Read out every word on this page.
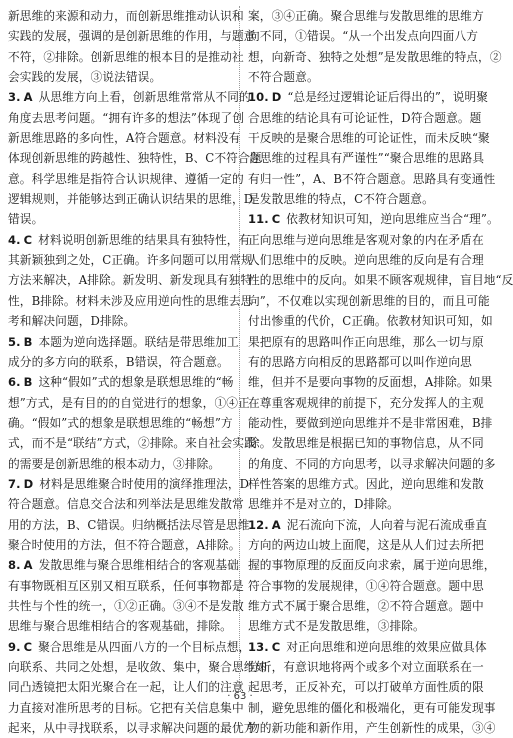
新思维的来源和动力，而创新思维推动认识和
实践的发展，强调的是创新思维的作用，与题意
不符，②排除。创新思维的根本目的是推动社
会实践的发展，③说法错误。
3. A 从思维方向上看，创新思维常常从不同的
角度去思考问题。“拥有许多的想法”体现了创
新思维思路的多向性，A符合题意。材料没有
体现创新思维的跨越性、独特性，B、C不符合题
意。科学思维是指符合认识规律、遵循一定的
逻辑规则，并能够达到正确认识结果的思维，D
错误。
4. C 材料说明创新思维的结果具有独特性，有
其新颖独到之处，C正确。许多问题可以用常规
方法来解决，A排除。新发明、新发现具有独特
性，B排除。材料未涉及应用逆向性的思维去思
考和解决问题，D排除。
5. B 本题为逆向选择题。联结是带思维加工
成分的多方向的联系，B错误，符合题意。
6. B 这种“假如”式的想象是联想思维的“畅
想”方式，是有目的的自觉进行的想象，①④正
确。“假如”式的想象是联想思维的“畅想”方
式，而不是“联结”方式，②排除。来自社会实践
的需要是创新思维的根本动力，③排除。
7. D 材料是思维聚合时使用的演绎推理法，D
符合题意。信息交合法和列举法是思维发散常
用的方法，B、C错误。归纳概括法尽管是思维
聚合时使用的方法，但不符合题意，A排除。
8. A 发散思维与聚合思维相结合的客观基础
有事物既相互区别又相互联系，任何事物都是
共性与个性的统一，①②正确。③④不是发散
思维与聚合思维相结合的客观基础，排除。
9. C 聚合思维是从四面八方的一个目标点想，
向联系、共同之处想，是收敛、集中，聚合思维如
同凸透镜把太阳光聚合在一起，让人们的注意
力直接对准所思考的目标。它把有关信息集中
起来，从中寻找联系，以寻求解决问题的最优方
案，③④正确。聚合思维与发散思维的思维方
向不同，①错误。“从一个出发点向四面八方
想，向新奇、独特之处想”是发散思维的特点，②
不符合题意。
10. D “总是经过逻辑论证后得出的”，说明聚
合思维的结论具有可论证性，D符合题意。题
干反映的是聚合思维的可论证性，而未反映“聚
合思维的过程具有严谨性”“聚合思维的思路具
有归一性”，A、B不符合题意。思路具有变通性
是发散思维的特点，C不符合题意。
11. C 依教材知识可知，逆向思维应当合“理”。
正向思维与逆向思维是客观对象的内在矛盾在
人们思维中的反映。逆向思维的反向是有合理
性的思维中的反向。如果不顾客观规律，盲目地“反
向”，不仅难以实现创新思维的目的，而且可能
付出惨重的代价，C正确。依教材知识可知，如
果把原有的思路叫作正向思维，那么一切与原
有的思路方向相反的思路都可以叫作逆向思
维，但并不是要向事物的反面想，A排除。如果
在尊重客观规律的前提下，充分发挥人的主观
能动性，要做到逆向思维并不是非常困难，B排
除。发散思维是根据已知的事物信息，从不同
的角度、不同的方向思考，以寻求解决问题的多
样性答案的思维方式。因此，逆向思维和发散
思维并不是对立的，D排除。
12. A 泥石流向下流，人向着与泥石流成垂直
方向的两边山坡上面爬，这是从人们过去所把
握的事物原理的反面反向求索，属于逆向思维，
符合事物的发展规律，①④符合题意。题中思
维方式不属于聚合思维，②不符合题意。题中
思维方式不是发散思维，③排除。
13. C 对正向思维和逆向思维的效果应做具体
分析，有意识地将两个或多个对立面联系在一
起思考，正反补充，可以打破单方面性质的限
制，避免思维的僵化和极端化，更有可能发现事
物的新功能和新作用，产生创新性的成果，③④
· 63 ·
